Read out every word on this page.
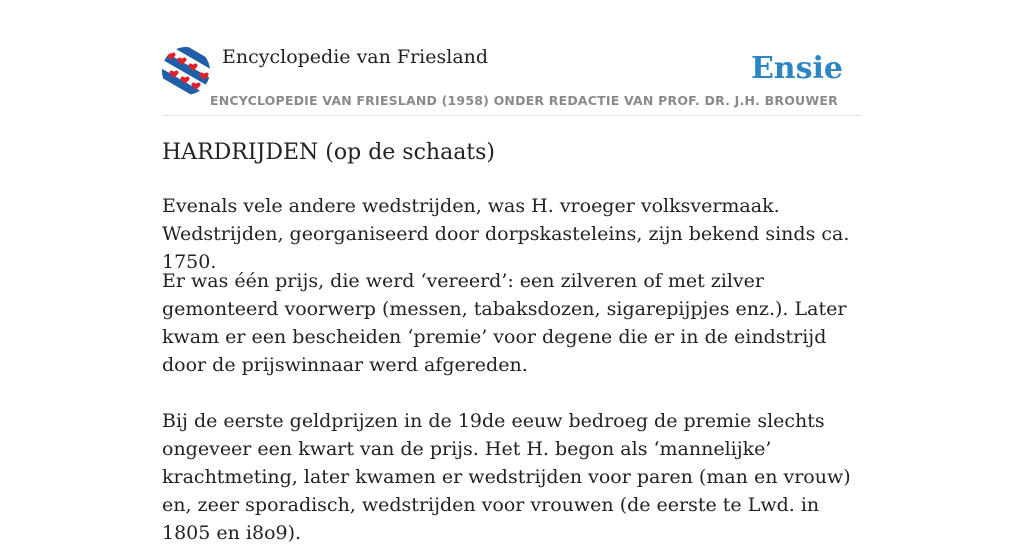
Encyclopedie van Friesland
ENCYCLOPEDIE VAN FRIESLAND (1958) ONDER REDACTIE VAN PROF. DR. J.H. BROUWER
Ensie
HARDRIJDEN (op de schaats)

Evenals vele andere wedstrijden, was H. vroeger volksvermaak. Wedstrijden, georganiseerd door dorpskasteleins, zijn bekend sinds ca. 1750.

Er was één prijs, die werd ‘vereerd’: een zilveren of met zilver gemonteerd voorwerp (messen, tabaksdozen, sigarepijpjes enz.). Later kwam er een bescheiden ‘premie’ voor degene die er in de eindstrijd door de prijswinnaar werd afgereden.

Bij de eerste geldprijzen in de 19de eeuw bedroeg de premie slechts ongeveer een kwart van de prijs. Het H. begon als ‘mannelijke’ krachtmeting, later kwamen er wedstrijden voor paren (man en vrouw) en, zeer sporadisch, wedstrijden voor vrouwen (de eerste te Lwd. in 1805 en i8o9).
